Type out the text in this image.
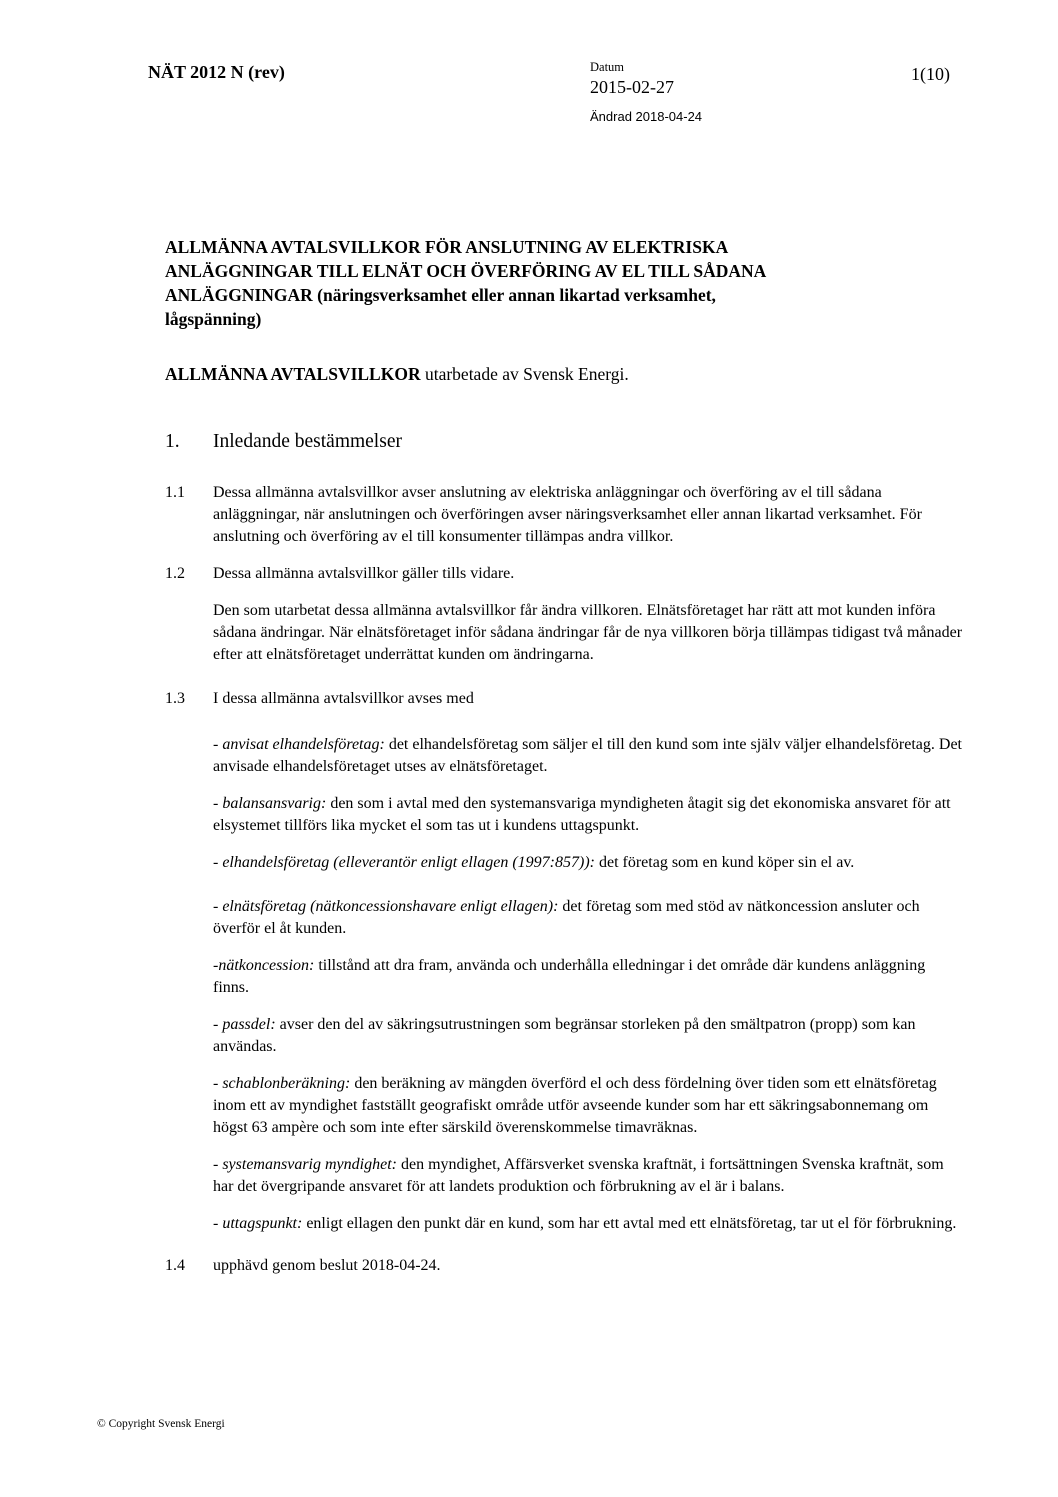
NÄT 2012 N (rev)	Datum
2015-02-27
Ändrad 2018-04-24
1(10)
ALLMÄNNA AVTALSVILLKOR FÖR ANSLUTNING AV ELEKTRISKA
ANLÄGGNINGAR TILL ELNÄT OCH ÖVERFÖRING AV EL TILL SÅDANA
ANLÄGGNINGAR (näringsverksamhet eller annan likartad verksamhet,
lågspänning)
ALLMÄNNA AVTALSVILLKOR utarbetade av Svensk Energi.
1.	Inledande bestämmelser
1.1	Dessa allmänna avtalsvillkor avser anslutning av elektriska anläggningar och överföring av el till sådana anläggningar, när anslutningen och överföringen avser näringsverksamhet eller annan likartad verksamhet. För anslutning och överföring av el till konsumenter tillämpas andra villkor.
1.2	Dessa allmänna avtalsvillkor gäller tills vidare.
Den som utarbetat dessa allmänna avtalsvillkor får ändra villkoren. Elnätsföretaget har rätt att mot kunden införa sådana ändringar. När elnätsföretaget inför sådana ändringar får de nya villkoren börja tillämpas tidigast två månader efter att elnätsföretaget underrättat kunden om ändringarna.
1.3	I dessa allmänna avtalsvillkor avses med
- anvisat elhandelsföretag: det elhandelsföretag som säljer el till den kund som inte själv väljer elhandelsföretag. Det anvisade elhandelsföretaget utses av elnätsföretaget.
- balansansvarig: den som i avtal med den systemansvariga myndigheten åtagit sig det ekonomiska ansvaret för att elsystemet tillförs lika mycket el som tas ut i kundens uttagspunkt.
- elhandelsföretag (elleverantör enligt ellagen (1997:857)): det företag som en kund köper sin el av.
- elnätsföretag (nätkoncessionshavare enligt ellagen): det företag som med stöd av nätkoncession ansluter och överför el åt kunden.
-nätkoncession: tillstånd att dra fram, använda och underhålla elledningar i det område där kundens anläggning finns.
- passdel: avser den del av säkringsutrustningen som begränsar storleken på den smältpatron (propp) som kan användas.
- schablonberäkning: den beräkning av mängden överförd el och dess fördelning över tiden som ett elnätsföretag inom ett av myndighet fastställt geografiskt område utför avseende kunder som har ett säkringsabonnemang om högst 63 ampère och som inte efter särskild överenskommelse timavräknas.
- systemansvarig myndighet: den myndighet, Affärsverket svenska kraftnät, i fortsättningen Svenska kraftnät, som har det övergripande ansvaret för att landets produktion och förbrukning av el är i balans.
- uttagspunkt: enligt ellagen den punkt där en kund, som har ett avtal med ett elnätsföretag, tar ut el för förbrukning.
1.4	upphävd genom beslut 2018-04-24.
© Copyright Svensk Energi
